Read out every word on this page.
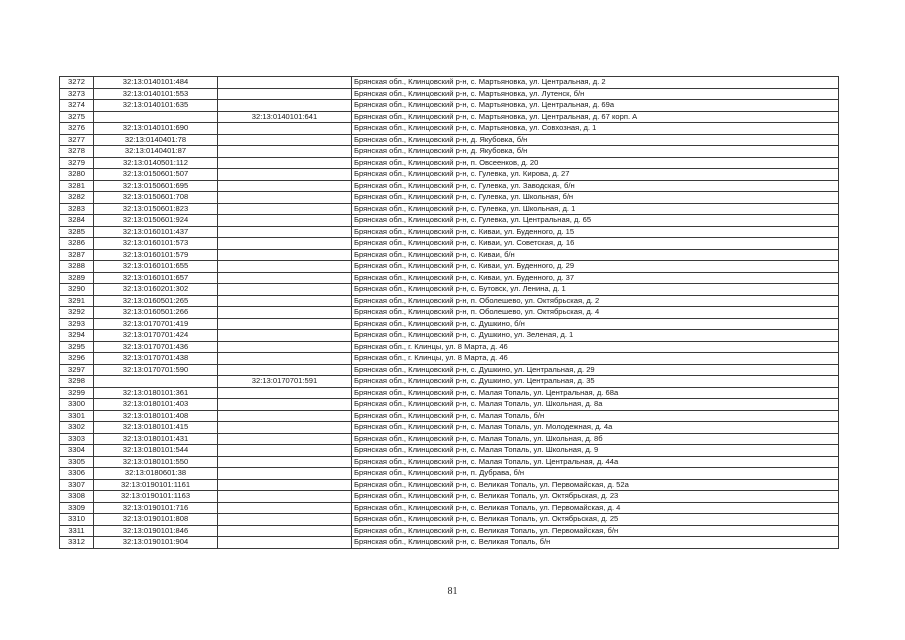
3272	32:13:0140101:484		Брянская обл., Клинцовский р-н, с. Мартьяновка, ул. Центральная, д. 2
3273	32:13:0140101:553		Брянская обл., Клинцовский р-н, с. Мартьяновка, ул. Лутенск, б/н
3274	32:13:0140101:635		Брянская обл., Клинцовский р-н, с. Мартьяновка, ул. Центральная, д. 69а
3275		32:13:0140101:641	Брянская обл., Клинцовский р-н, с. Мартьяновка, ул. Центральная, д. 67 корп. А
3276	32:13:0140101:690		Брянская обл., Клинцовский р-н, с. Мартьяновка, ул. Совхозная, д. 1
3277	32:13:0140401:78		Брянская обл., Клинцовский р-н, д. Якубовка, б/н
3278	32:13:0140401:87		Брянская обл., Клинцовский р-н, д. Якубовка, б/н
3279	32:13:0140501:112		Брянская обл., Клинцовский р-н, п. Овсеенков, д. 20
3280	32:13:0150601:507		Брянская обл., Клинцовский р-н, с. Гулевка, ул. Кирова, д. 27
3281	32:13:0150601:695		Брянская обл., Клинцовский р-н, с. Гулевка, ул. Заводская, б/н
3282	32:13:0150601:708		Брянская обл., Клинцовский р-н, с. Гулевка, ул. Школьная, б/н
3283	32:13:0150601:823		Брянская обл., Клинцовский р-н, с. Гулевка, ул. Школьная, д. 1
3284	32:13:0150601:924		Брянская обл., Клинцовский р-н, с. Гулевка, ул. Центральная, д. 65
3285	32:13:0160101:437		Брянская обл., Клинцовский р-н, с. Киваи, ул. Буденного, д. 15
3286	32:13:0160101:573		Брянская обл., Клинцовский р-н, с. Киваи, ул. Советская, д. 16
3287	32:13:0160101:579		Брянская обл., Клинцовский р-н, с. Киваи, б/н
3288	32:13:0160101:655		Брянская обл., Клинцовский р-н, с. Киваи, ул. Буденного, д. 29
3289	32:13:0160101:657		Брянская обл., Клинцовский р-н, с. Киваи, ул. Буденного, д. 37
3290	32:13:0160201:302		Брянская обл., Клинцовский р-н, с. Бутовск, ул. Ленина, д. 1
3291	32:13:0160501:265		Брянская обл., Клинцовский р-н, п. Оболешево, ул. Октябрьская, д. 2
3292	32:13:0160501:266		Брянская обл., Клинцовский р-н, п. Оболешево, ул. Октябрьская, д. 4
3293	32:13:0170701:419		Брянская обл., Клинцовский р-н, с. Душкино, б/н
3294	32:13:0170701:424		Брянская обл., Клинцовский р-н, с. Душкино, ул. Зеленая, д. 1
3295	32:13:0170701:436		Брянская обл., г. Клинцы, ул. 8 Марта, д. 46
3296	32:13:0170701:438		Брянская обл., г. Клинцы, ул. 8 Марта, д. 46
3297	32:13:0170701:590		Брянская обл., Клинцовский р-н, с. Душкино, ул. Центральная, д. 29
3298		32:13:0170701:591	Брянская обл., Клинцовский р-н, с. Душкино, ул. Центральная, д. 35
3299	32:13:0180101:361		Брянская обл., Клинцовский р-н, с. Малая Топаль, ул. Центральная, д. 68а
3300	32:13:0180101:403		Брянская обл., Клинцовский р-н, с. Малая Топаль, ул. Школьная, д. 8а
3301	32:13:0180101:408		Брянская обл., Клинцовский р-н, с. Малая Топаль, б/н
3302	32:13:0180101:415		Брянская обл., Клинцовский р-н, с. Малая Топаль, ул. Молодежная, д. 4а
3303	32:13:0180101:431		Брянская обл., Клинцовский р-н, с. Малая Топаль, ул. Школьная, д. 8б
3304	32:13:0180101:544		Брянская обл., Клинцовский р-н, с. Малая Топаль, ул. Школьная, д. 9
3305	32:13:0180101:550		Брянская обл., Клинцовский р-н, с. Малая Топаль, ул. Центральная, д. 44а
3306	32:13:0180601:38		Брянская обл., Клинцовский р-н, п. Дубрава, б/н
3307	32:13:0190101:1161		Брянская обл., Клинцовский р-н, с. Великая Топаль, ул. Первомайская, д. 52а
3308	32:13:0190101:1163		Брянская обл., Клинцовский р-н, с. Великая Топаль, ул. Октябрьская, д. 23
3309	32:13:0190101:716		Брянская обл., Клинцовский р-н, с. Великая Топаль, ул. Первомайская, д. 4
3310	32:13:0190101:808		Брянская обл., Клинцовский р-н, с. Великая Топаль, ул. Октябрьская, д. 25
3311	32:13:0190101:846		Брянская обл., Клинцовский р-н, с. Великая Топаль, ул. Первомайская, б/н
3312	32:13:0190101:904		Брянская обл., Клинцовский р-н, с. Великая Топаль, б/н
81
